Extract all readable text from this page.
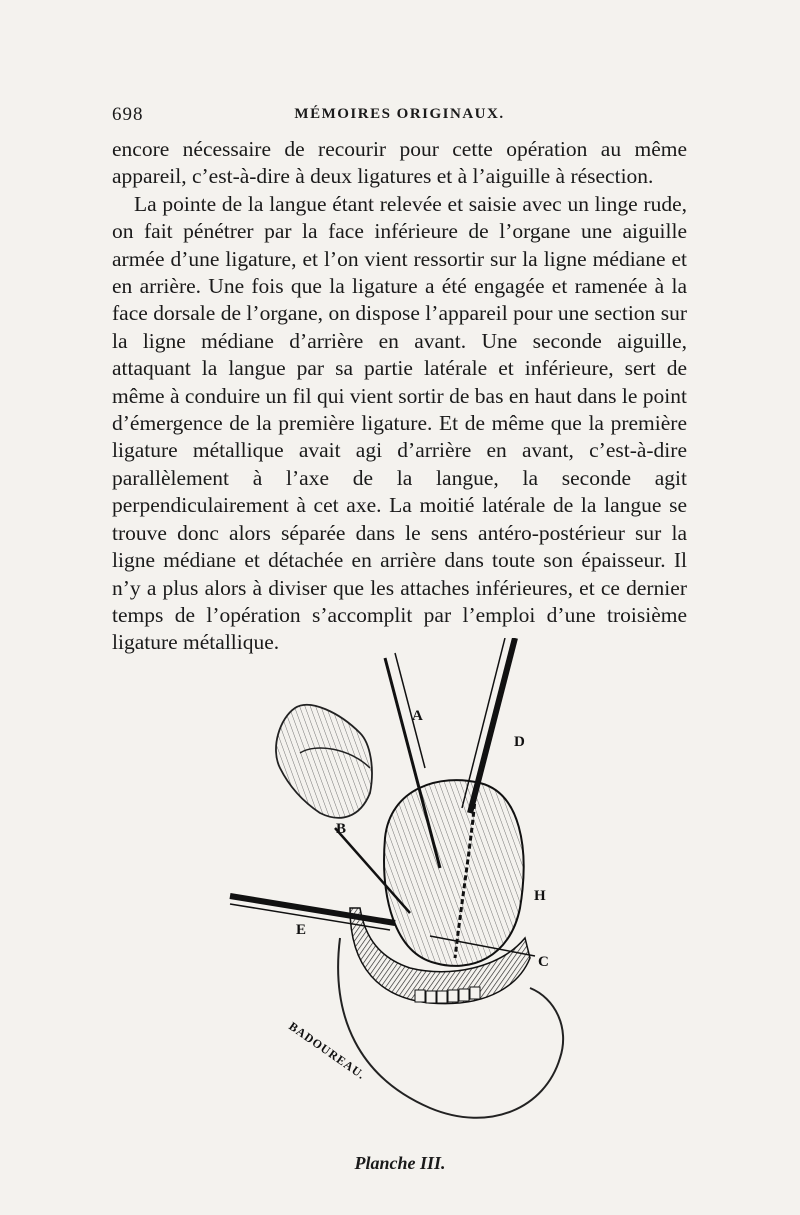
698	MÉMOIRES ORIGINAUX.

encore nécessaire de recourir pour cette opération au même appareil, c’est-à-dire à deux ligatures et à l’aiguille à résection.

La pointe de la langue étant relevée et saisie avec un linge rude, on fait pénétrer par la face inférieure de l’organe une aiguille armée d’une ligature, et l’on vient ressortir sur la ligne médiane et en arrière. Une fois que la ligature a été engagée et ramenée à la face dorsale de l’organe, on dispose l’appareil pour une section sur la ligne médiane d’arrière en avant. Une seconde aiguille, attaquant la langue par sa partie latérale et inférieure, sert de même à conduire un fil qui vient sortir de bas en haut dans le point d’émergence de la première ligature. Et de même que la première ligature métallique avait agi d’arrière en avant, c’est-à-dire parallèlement à l’axe de la langue, la seconde agit perpendiculairement à cet axe. La moitié latérale de la langue se trouve donc alors séparée dans le sens antéro-postérieur sur la ligne médiane et détachée en arrière dans toute son épaisseur. Il n’y a plus alors à diviser que les attaches inférieures, et ce dernier temps de l’opération s’accomplit par l’emploi d’une troisième ligature métallique.

A
D
B
H
E
C
BADOUREAU.
Planche III.
